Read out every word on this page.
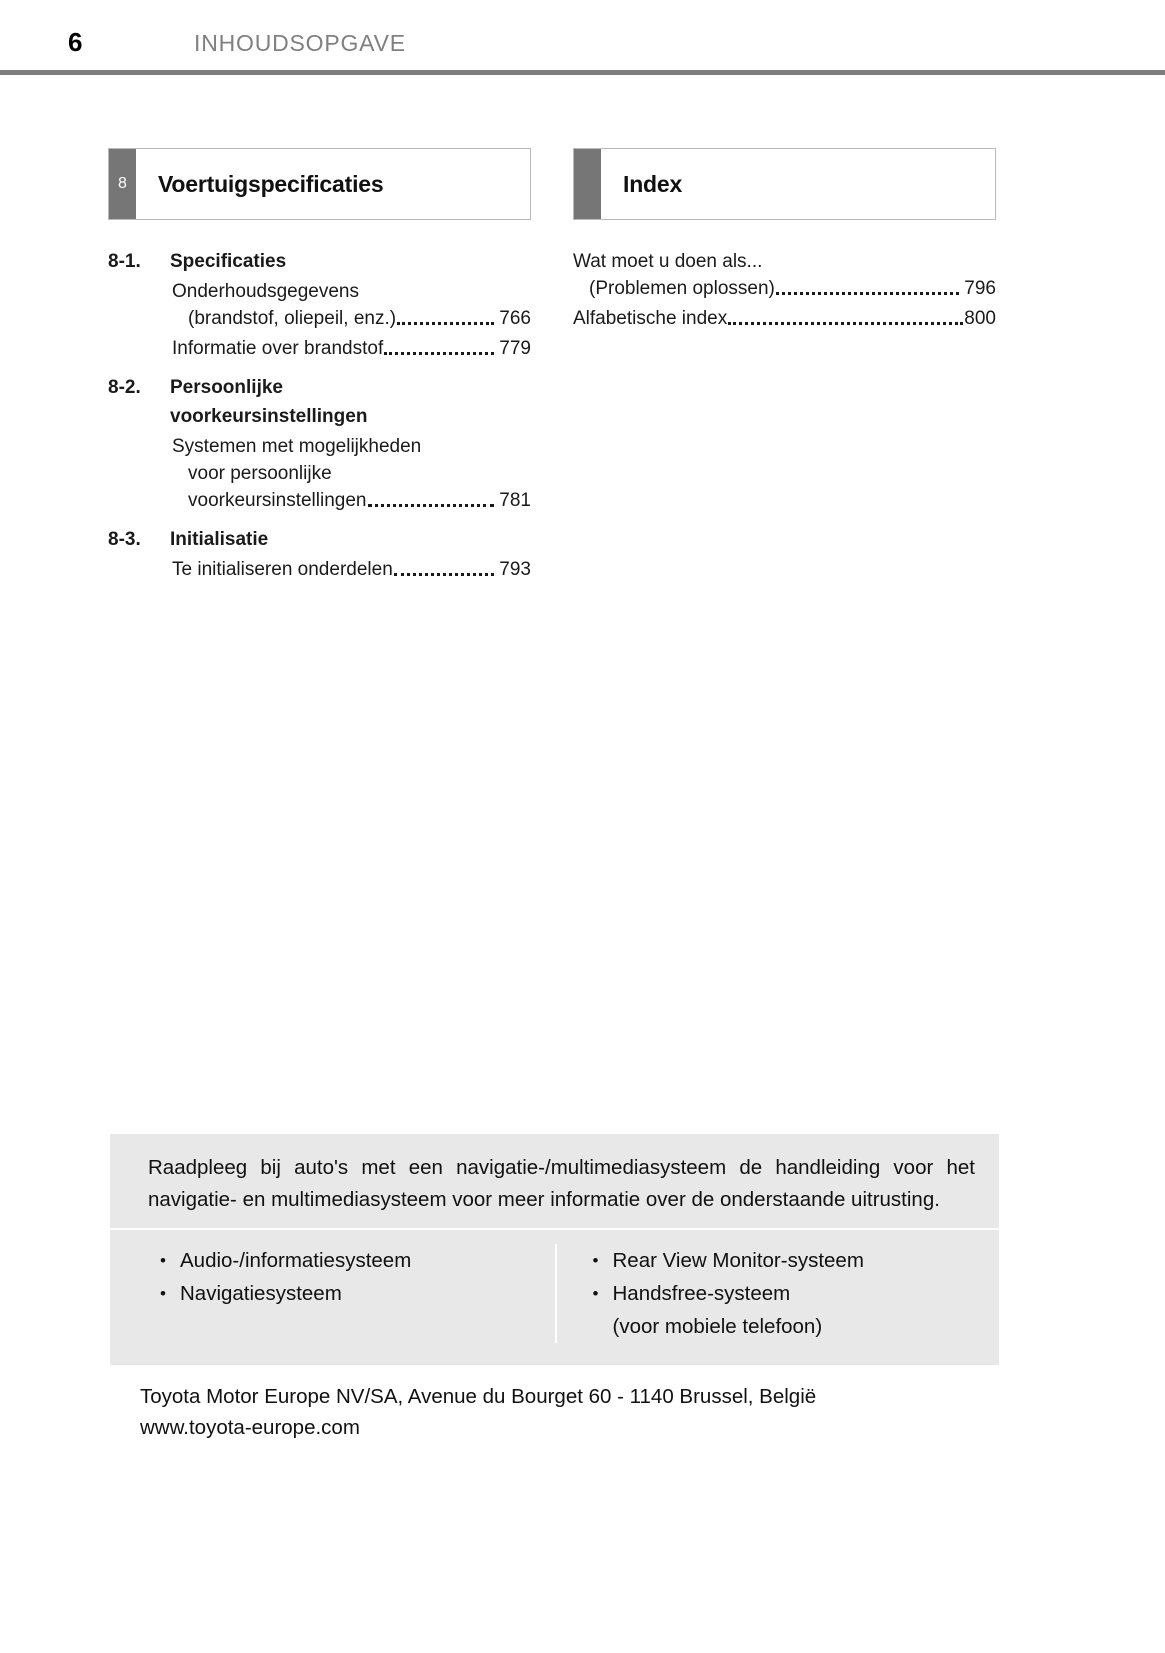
6	INHOUDSOPGAVE
8	Voertuigspecificaties
8-1.	Specificaties
Onderhoudsgegevens
(brandstof, oliepeil, enz.)	766
Informatie over brandstof	779
8-2.	Persoonlijke
voorkeursinstellingen
Systemen met mogelijkheden
voor persoonlijke
voorkeursinstellingen	781
8-3.	Initialisatie
Te initialiseren onderdelen	793
Index
Wat moet u doen als...
(Problemen oplossen)	796
Alfabetische index	800

Raadpleeg bij auto's met een navigatie-/multimediasysteem de handleiding voor het navigatie- en multimediasysteem voor meer informatie over de onderstaande uitrusting.

• Audio-/informatiesysteem
• Navigatiesysteem
• Rear View Monitor-systeem
• Handsfree-systeem
(voor mobiele telefoon)
Toyota Motor Europe NV/SA, Avenue du Bourget 60 - 1140 Brussel, België
www.toyota-europe.com
